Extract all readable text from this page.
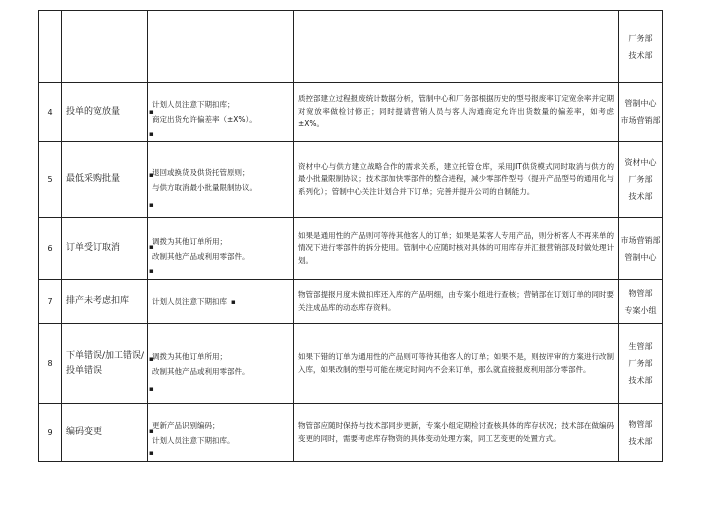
				厂务部
技术部

4	投单的宽放量	计划人员注意下期扣库；
▪
商定出货允许偏差率（±X%）。
▪	质控部建立过程报废统计数据分析，管制中心和厂务部根据历史的型号报废率订定宽余率并定期对宽放率做检讨修正；同时提请营销人员与客人沟通商定允许出货数量的偏差率，如考虑±X%。	管制中心
市场营销部

5	最低采购批量	退回或换货及供货托管原则；
▪
与供方取消最小批量限制协议。
▪	资材中心与供方建立战略合作的需求关系，建立托管仓库，采用JIT供货模式同时取消与供方的最小批量限制协议；技术部加快零部件的整合进程，减少零部件型号（提升产品型号的通用化与系列化）；管制中心关注计划合并下订单；完善并提升公司的自制能力。	资材中心
厂务部
技术部

6	订单受订取消	调拨为其他订单所用；
▪
改制其他产品或利用零部件。
▪	如果是通用性的产品则可等待其他客人的订单；如果是某客人专用产品，则分析客人不再来单的情况下进行零部件的拆分使用。管制中心应随时核对具体的可用库存并汇报营销部及时做处理计划。	市场营销部
管制中心

7	排产未考虑扣库	计划人员注意下期扣库 ▪	物管部提报月度未做扣库还入库的产品明细，由专案小组进行查核；营销部在订划订单的同时要关注成品库的动态库存资料。	物管部
专案小组

8	下单错误/加工错误/投单错误	调拨为其他订单所用；
▪
改制其他产品或利用零部件。
▪	如果下错的订单为通用性的产品则可等待其他客人的订单；如果不是，则按评审的方案进行改制入库，如果改制的型号可能在规定时间内不会来订单，那么就直接报废利用部分零部件。	生管部
厂务部
技术部

9	编码变更	更新产品识别编码；
▪
计划人员注意下期扣库。
▪	物管部应随时保持与技术部同步更新，专案小组定期检讨查核具体的库存状况；技术部在做编码变更的同时，需要考虑库存物资的具体变动处理方案，同工艺变更的处置方式。	物管部
技术部
